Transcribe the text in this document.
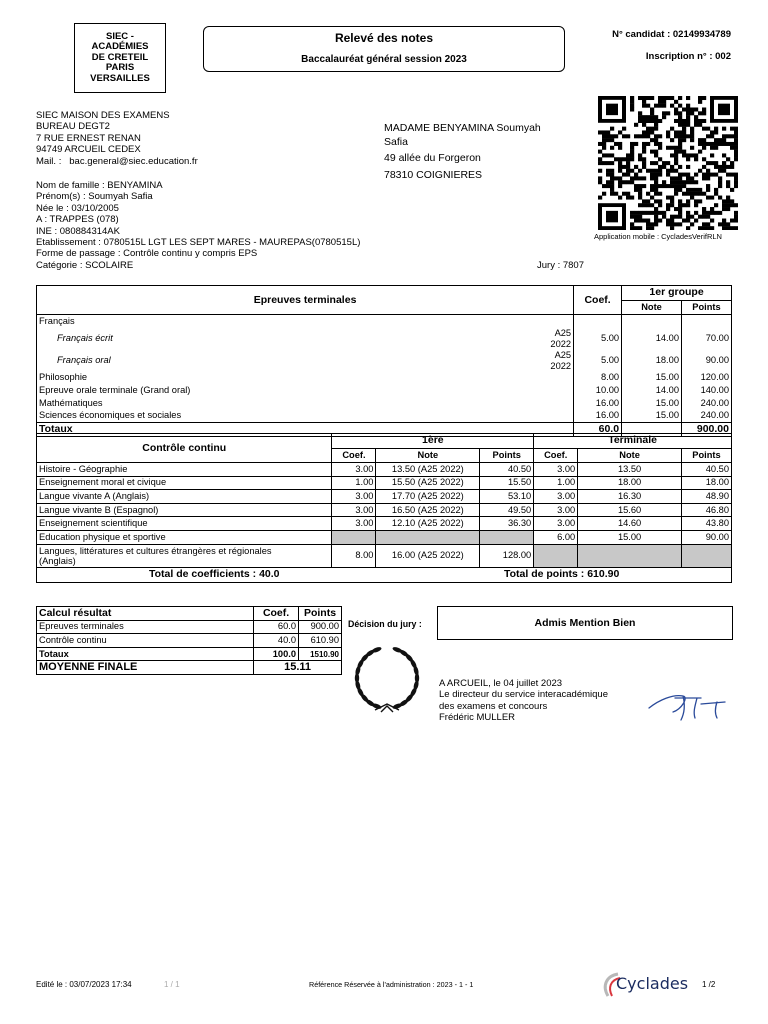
SIEC -
ACADÉMIES
DE CRETEIL
PARIS
VERSAILLES
Relevé des notes
Baccalauréat général session 2023
N° candidat : 02149934789
Inscription n° : 002
SIEC MAISON DES EXAMENS
BUREAU DEGT2
7 RUE ERNEST RENAN
94749 ARCUEIL CEDEX
Mail. : bac.general@siec.education.fr
MADAME BENYAMINA Soumyah
Safia
49 allée du Forgeron
78310 COIGNIERES
Application mobile : CycladesVerifRLN
Nom de famille : BENYAMINA
Prénom(s) : Soumyah Safia
Née le : 03/10/2005
A : TRAPPES (078)
INE : 080884314AK
Etablissement : 0780515L LGT LES SEPT MARES - MAUREPAS(0780515L)
Forme de passage : Contrôle continu y compris EPS
Catégorie : SCOLAIRE	Jury : 7807
Epreuves terminales		Coef.	1er groupe	
			Note	Points
Français				
Français écrit	A25 2022	5.00	14.00	70.00
Français oral	A25 2022	5.00	18.00	90.00
Philosophie		8.00	15.00	120.00
Epreuve orale terminale (Grand oral)		10.00	14.00	140.00
Mathématiques		16.00	15.00	240.00
Sciences économiques et sociales		16.00	15.00	240.00
Totaux		60.0		900.00
Contrôle continu	1ère			Terminale		
	Coef.	Note	Points	Coef.	Note	Points
Histoire - Géographie	3.00	13.50 (A25 2022)	40.50	3.00	13.50	40.50
Enseignement moral et civique	1.00	15.50 (A25 2022)	15.50	1.00	18.00	18.00
Langue vivante A (Anglais)	3.00	17.70 (A25 2022)	53.10	3.00	16.30	48.90
Langue vivante B (Espagnol)	3.00	16.50 (A25 2022)	49.50	3.00	15.60	46.80
Enseignement scientifique	3.00	12.10 (A25 2022)	36.30	3.00	14.60	43.80
Education physique et sportive				6.00	15.00	90.00

Langues, littératures et cultures étrangères et régionales
(Anglais)	8.00	16.00 (A25 2022)	128.00			

Total de coefficients : 40.0 Total de points : 610.90						
Calcul résultat	Coef.	Points
Epreuves terminales	60.0	900.00
Contrôle continu	40.0	610.90
Totaux	100.0	1510.90
MOYENNE FINALE	15.11	
Décision du jury :	Admis Mention Bien
A ARCUEIL, le 04 juillet 2023
Le directeur du service interacadémique
des examens et concours
Frédéric MULLER
Edité le : 03/07/2023 17:34	1 / 1	Référence Réservée à l'administration : 2023 - 1 - 1	Cyclades 1 /2
